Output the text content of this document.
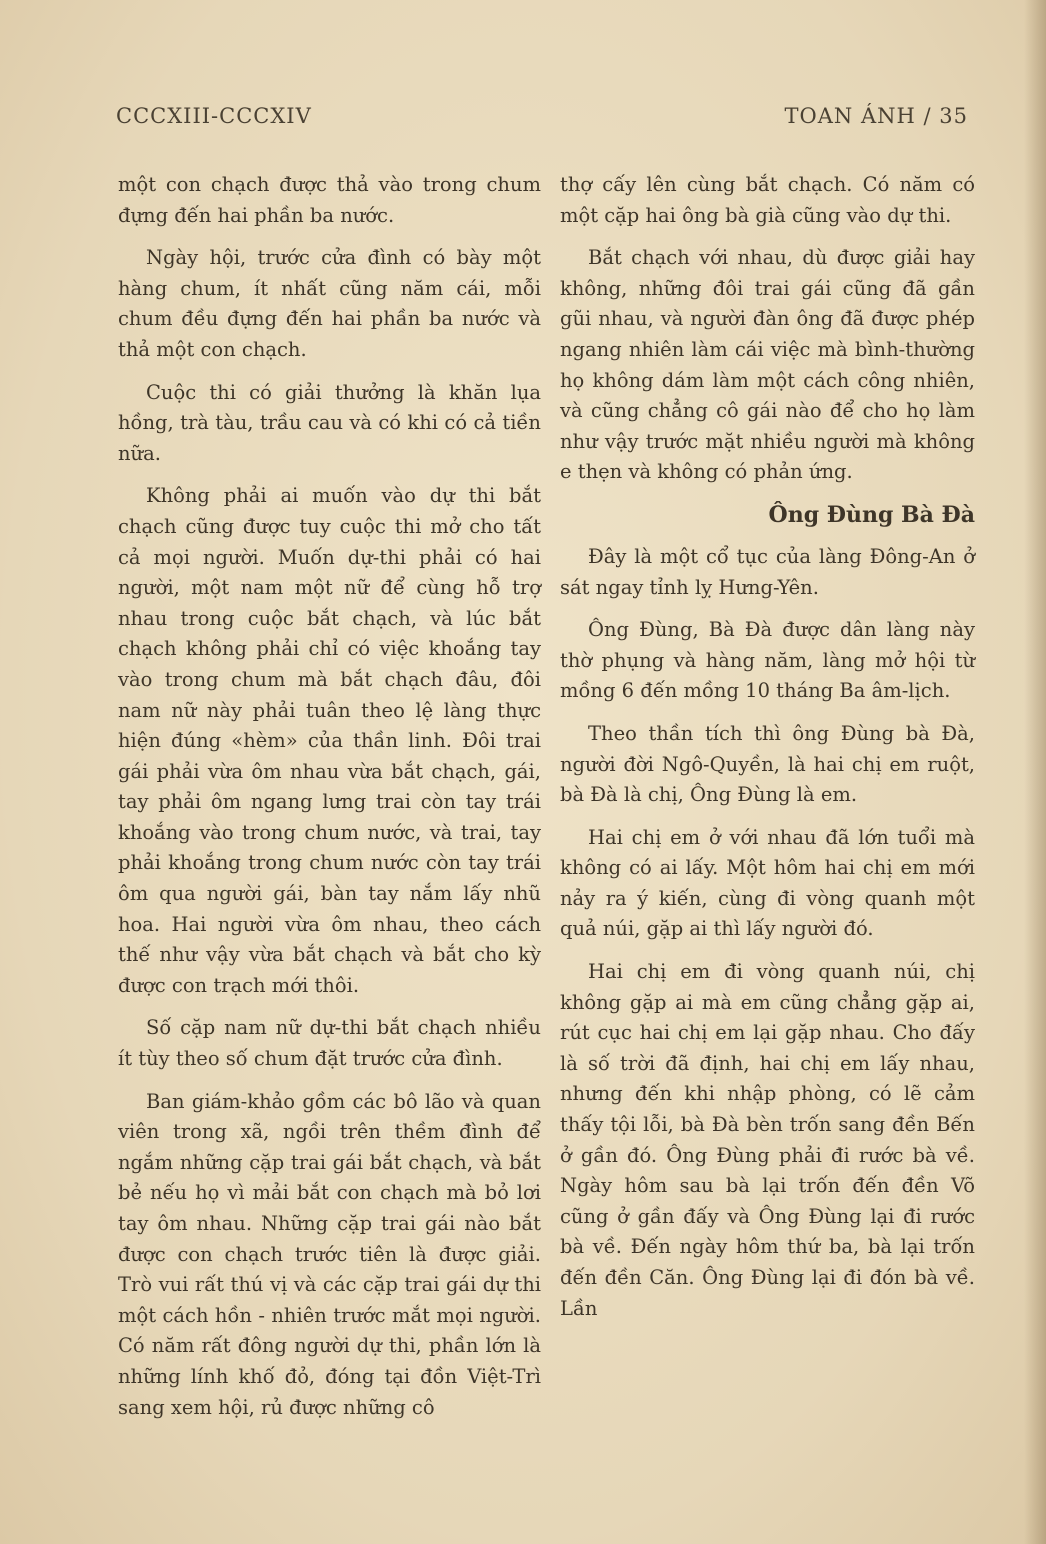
CCCXIII-CCCXIV	TOAN ÁNH / 35

một con chạch được thả vào trong chum đựng đến hai phần ba nước.

Ngày hội, trước cửa đình có bày một hàng chum, ít nhất cũng năm cái, mỗi chum đều đựng đến hai phần ba nước và thả một con chạch.

Cuộc thi có giải thưởng là khăn lụa hồng, trà tàu, trầu cau và có khi có cả tiền nữa.

Không phải ai muốn vào dự thi bắt chạch cũng được tuy cuộc thi mở cho tất cả mọi người. Muốn dự-thi phải có hai người, một nam một nữ để cùng hỗ trợ nhau trong cuộc bắt chạch, và lúc bắt chạch không phải chỉ có việc khoắng tay vào trong chum mà bắt chạch đâu, đôi nam nữ này phải tuân theo lệ làng thực hiện đúng «hèm» của thần linh. Đôi trai gái phải vừa ôm nhau vừa bắt chạch, gái, tay phải ôm ngang lưng trai còn tay trái khoắng vào trong chum nước, và trai, tay phải khoắng trong chum nước còn tay trái ôm qua người gái, bàn tay nắm lấy nhũ hoa. Hai người vừa ôm nhau, theo cách thế như vậy vừa bắt chạch và bắt cho kỳ được con trạch mới thôi.

Số cặp nam nữ dự-thi bắt chạch nhiều ít tùy theo số chum đặt trước cửa đình.

Ban giám-khảo gồm các bô lão và quan viên trong xã, ngồi trên thềm đình để ngắm những cặp trai gái bắt chạch, và bắt bẻ nếu họ vì mải bắt con chạch mà bỏ lơi tay ôm nhau. Những cặp trai gái nào bắt được con chạch trước tiên là được giải. Trò vui rất thú vị và các cặp trai gái dự thi một cách hồn - nhiên trước mắt mọi người. Có năm rất đông người dự thi, phần lớn là những lính khố đỏ, đóng tại đồn Việt-Trì sang xem hội, rủ được những cô

thợ cấy lên cùng bắt chạch. Có năm có một cặp hai ông bà già cũng vào dự thi.

Bắt chạch với nhau, dù được giải hay không, những đôi trai gái cũng đã gần gũi nhau, và người đàn ông đã được phép ngang nhiên làm cái việc mà bình-thường họ không dám làm một cách công nhiên, và cũng chẳng cô gái nào để cho họ làm như vậy trước mặt nhiều người mà không e thẹn và không có phản ứng.

Ông Đùng Bà Đà

Đây là một cổ tục của làng Đông-An ở sát ngay tỉnh lỵ Hưng-Yên.

Ông Đùng, Bà Đà được dân làng này thờ phụng và hàng năm, làng mở hội từ mồng 6 đến mồng 10 tháng Ba âm-lịch.

Theo thần tích thì ông Đùng bà Đà, người đời Ngô-Quyền, là hai chị em ruột, bà Đà là chị, Ông Đùng là em.

Hai chị em ở với nhau đã lớn tuổi mà không có ai lấy. Một hôm hai chị em mới nảy ra ý kiến, cùng đi vòng quanh một quả núi, gặp ai thì lấy người đó.

Hai chị em đi vòng quanh núi, chị không gặp ai mà em cũng chẳng gặp ai, rút cục hai chị em lại gặp nhau. Cho đấy là số trời đã định, hai chị em lấy nhau, nhưng đến khi nhập phòng, có lẽ cảm thấy tội lỗi, bà Đà bèn trốn sang đền Bến ở gần đó. Ông Đùng phải đi rước bà về. Ngày hôm sau bà lại trốn đến đền Võ cũng ở gần đấy và Ông Đùng lại đi rước bà về. Đến ngày hôm thứ ba, bà lại trốn đến đền Căn. Ông Đùng lại đi đón bà về. Lần
